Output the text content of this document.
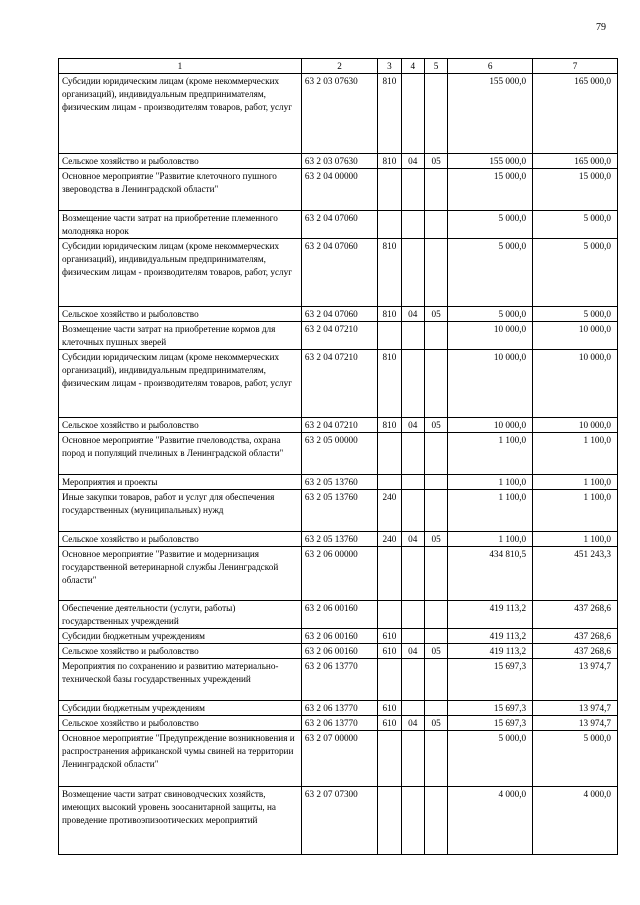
79
1	2	3	4	5	6	7
Субсидии юридическим лицам (кроме некоммерческих организаций), индивидуальным предпринимателям, физическим лицам - производителям товаров, работ, услуг	63 2 03 07630	810			155 000,0	165 000,0
Сельское хозяйство и рыболовство	63 2 03 07630	810	04	05	155 000,0	165 000,0
Основное мероприятие "Развитие клеточного пушного звероводства в Ленинградской области"	63 2 04 00000				15 000,0	15 000,0
Возмещение части затрат на приобретение племенного молодняка норок	63 2 04 07060				5 000,0	5 000,0
Субсидии юридическим лицам (кроме некоммерческих организаций), индивидуальным предпринимателям, физическим лицам - производителям товаров, работ, услуг	63 2 04 07060	810			5 000,0	5 000,0
Сельское хозяйство и рыболовство	63 2 04 07060	810	04	05	5 000,0	5 000,0
Возмещение части затрат на приобретение кормов для клеточных пушных зверей	63 2 04 07210				10 000,0	10 000,0
Субсидии юридическим лицам (кроме некоммерческих организаций), индивидуальным предпринимателям, физическим лицам - производителям товаров, работ, услуг	63 2 04 07210	810			10 000,0	10 000,0
Сельское хозяйство и рыболовство	63 2 04 07210	810	04	05	10 000,0	10 000,0
Основное мероприятие "Развитие пчеловодства, охрана пород и популяций пчелиных в Ленинградской области"	63 2 05 00000				1 100,0	1 100,0
Мероприятия и проекты	63 2 05 13760				1 100,0	1 100,0
Иные закупки товаров, работ и услуг для обеспечения государственных (муниципальных) нужд	63 2 05 13760	240			1 100,0	1 100,0
Сельское хозяйство и рыболовство	63 2 05 13760	240	04	05	1 100,0	1 100,0
Основное мероприятие "Развитие и модернизация государственной ветеринарной службы Ленинградской области"	63 2 06 00000				434 810,5	451 243,3
Обеспечение деятельности (услуги, работы) государственных учреждений	63 2 06 00160				419 113,2	437 268,6
Субсидии бюджетным учреждениям	63 2 06 00160	610			419 113,2	437 268,6
Сельское хозяйство и рыболовство	63 2 06 00160	610	04	05	419 113,2	437 268,6
Мероприятия по сохранению и развитию материально-технической базы государственных учреждений	63 2 06 13770				15 697,3	13 974,7
Субсидии бюджетным учреждениям	63 2 06 13770	610			15 697,3	13 974,7
Сельское хозяйство и рыболовство	63 2 06 13770	610	04	05	15 697,3	13 974,7
Основное мероприятие "Предупреждение возникновения и распространения африканской чумы свиней на территории Ленинградской области"	63 2 07 00000				5 000,0	5 000,0
Возмещение части затрат свиноводческих хозяйств, имеющих высокий уровень зоосанитарной защиты, на проведение противоэпизоотических мероприятий	63 2 07 07300				4 000,0	4 000,0
